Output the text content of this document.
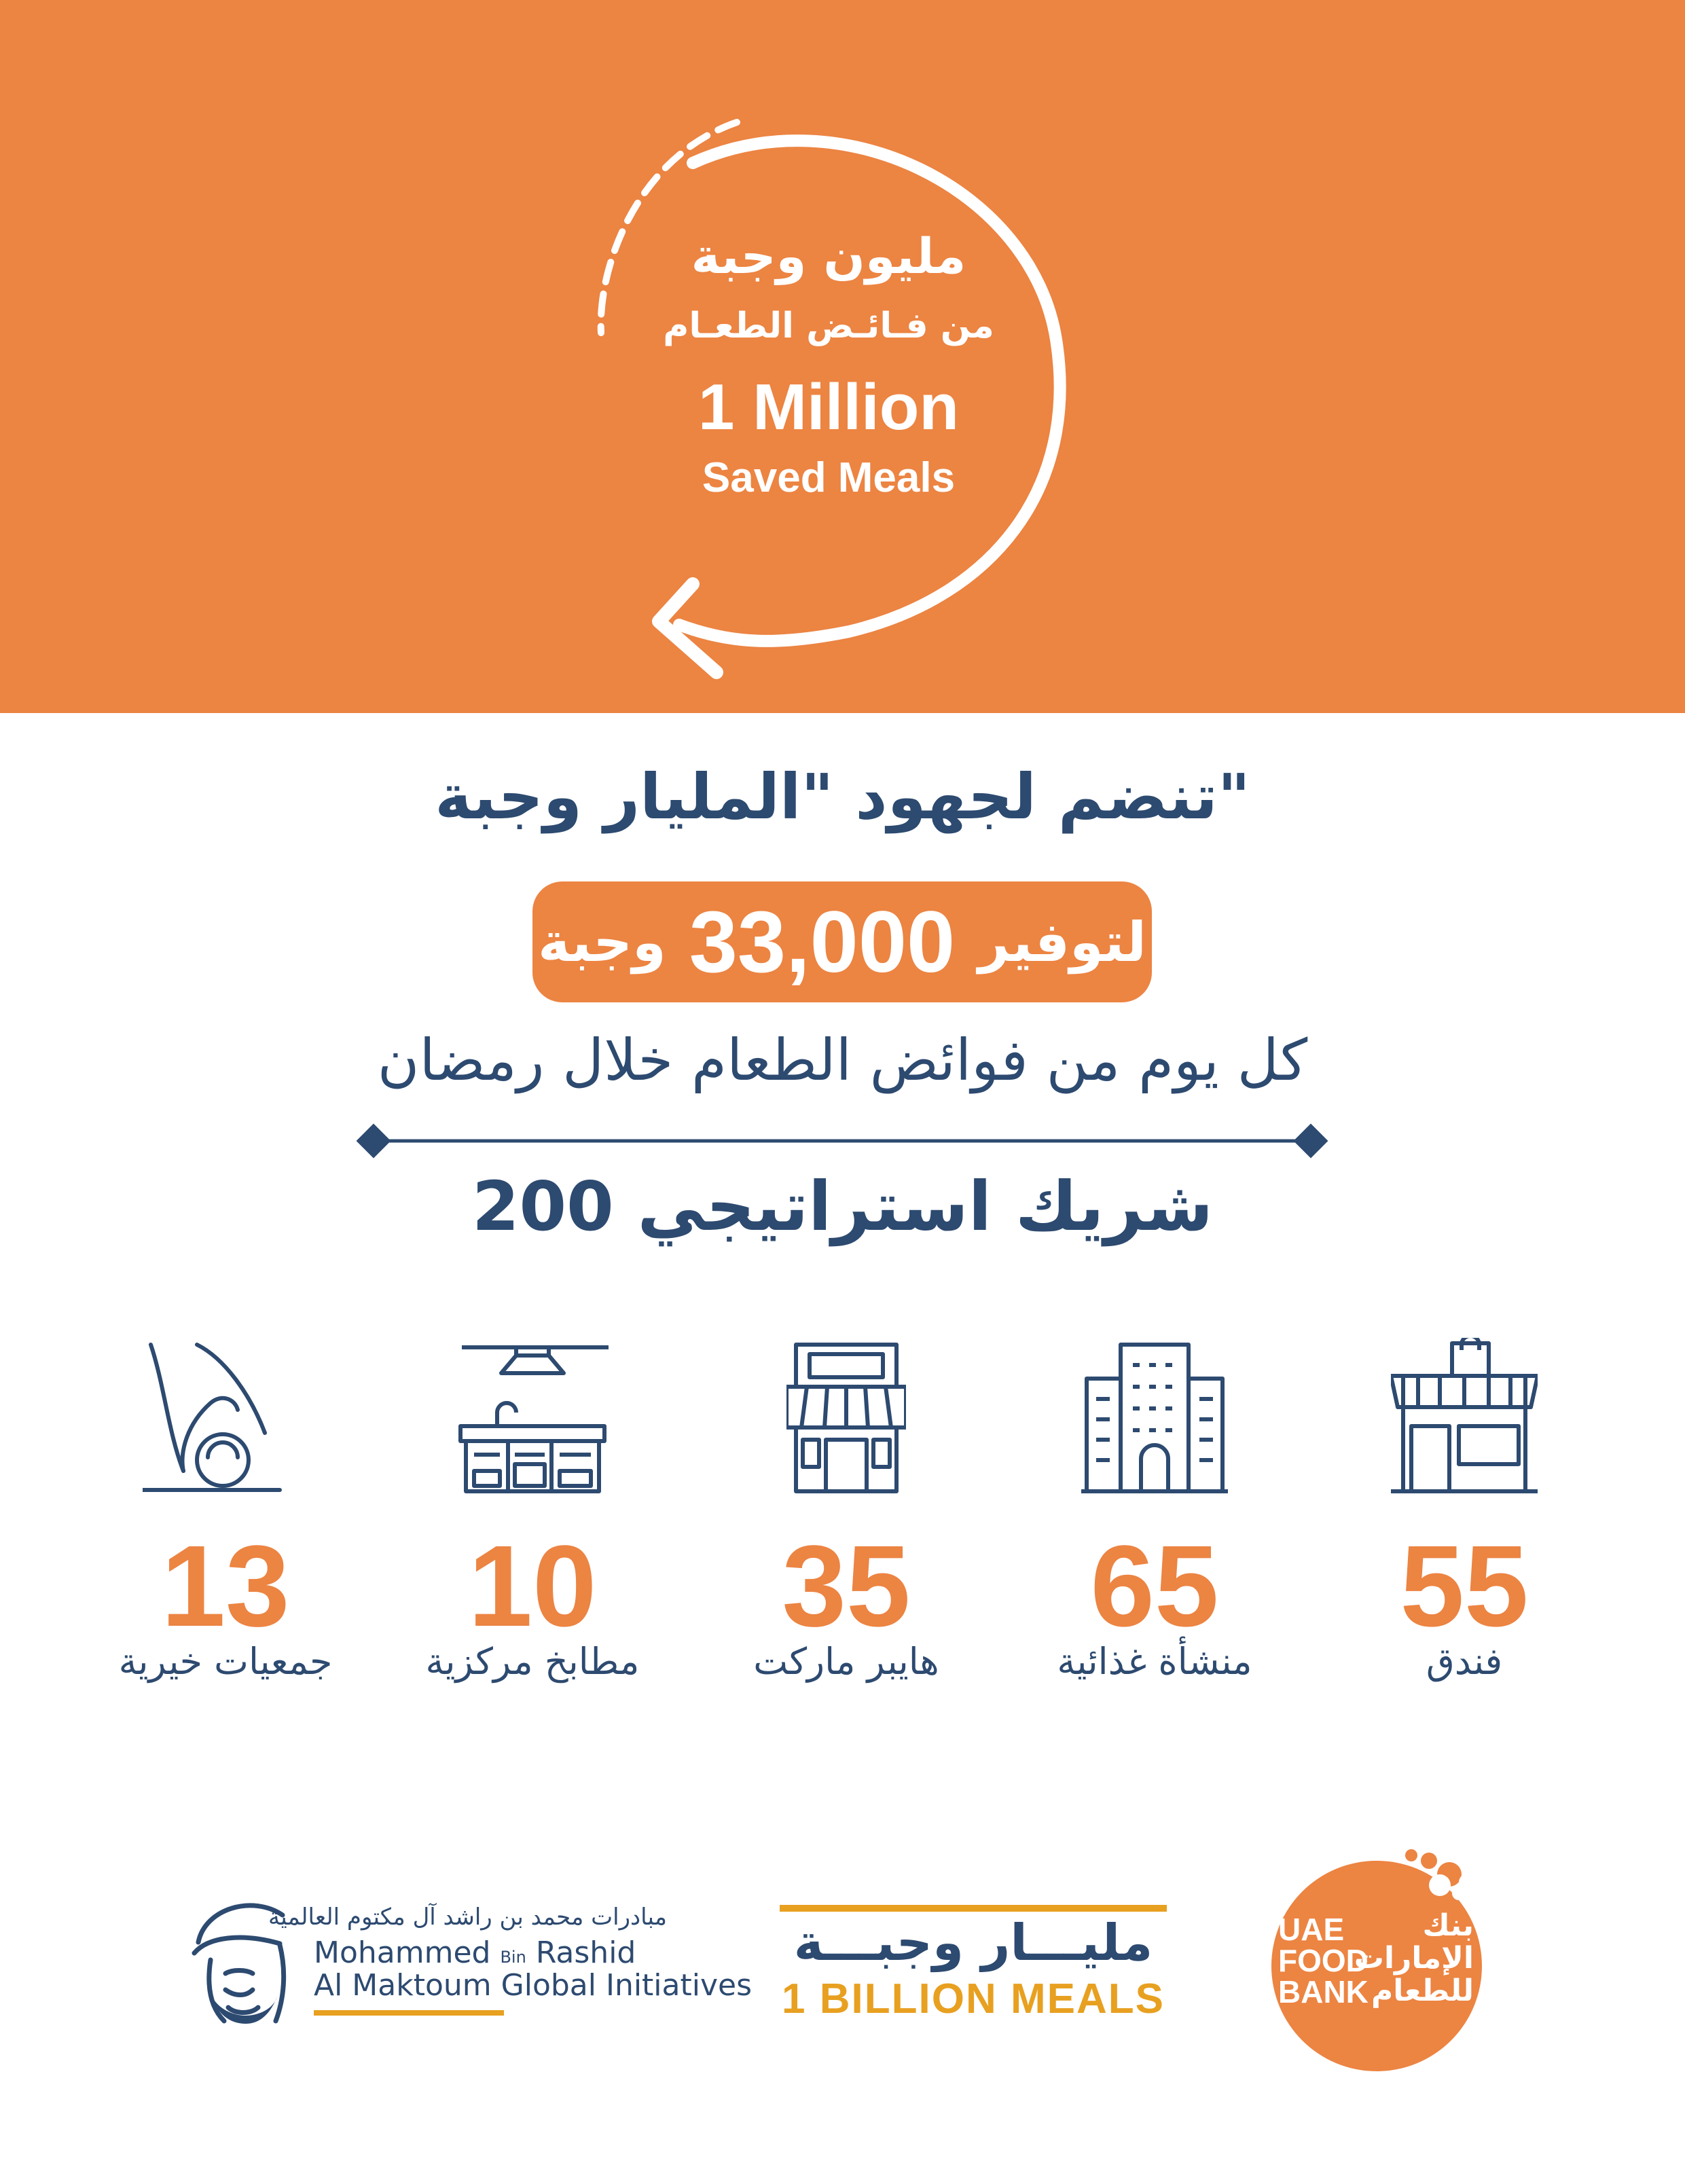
مليون وجبة
من فـائـض الطعـام
1 Million
Saved Meals
تنضم لجهود "المليار وجبة"
لتوفير
33,000
وجبة
كل يوم من فوائض الطعام خلال رمضان
200 شريك استراتيجي
55
فندق
65
منشأة غذائية
35
هايبر ماركت
10
مطابخ مركزية
13
جمعيات خيرية
مبادرات محمد بن راشد آل مكتوم العالمية
Mohammed Bin Rashid
Al Maktoum Global Initiatives
مليـــار وجبـــة
1 BILLION MEALS
UAE
FOOD
BANK
بنك
الإمارات
للطعام
